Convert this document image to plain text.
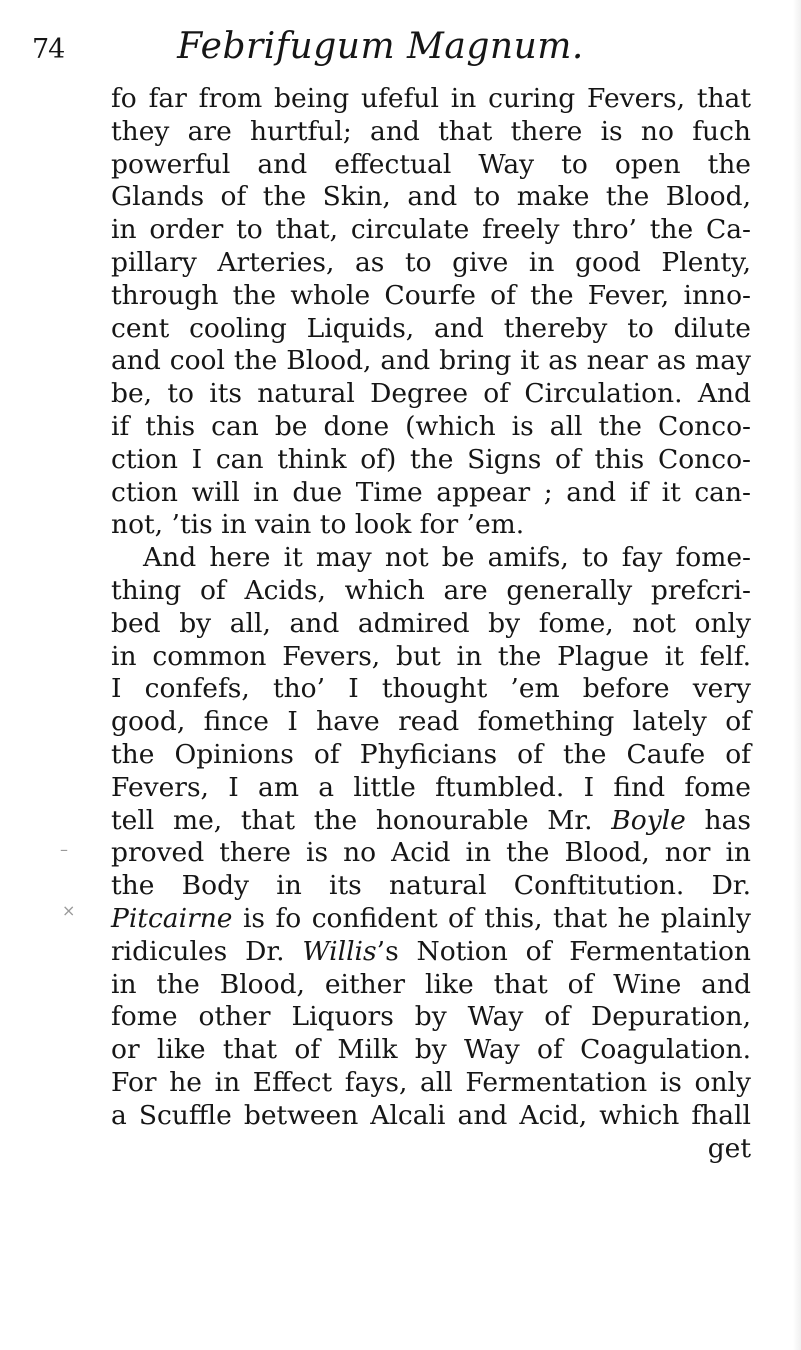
74	Febrifugum Magnum.
fo far from being ufeful in curing Fevers, that
they are hurtful; and that there is no fuch
powerful and effectual Way to open the
Glands of the Skin, and to make the Blood,
in order to that, circulate freely thro’ the Ca-
pillary Arteries, as to give in good Plenty,
through the whole Courfe of the Fever, inno-
cent cooling Liquids, and thereby to dilute
and cool the Blood, and bring it as near as may
be, to its natural Degree of Circulation. And
if this can be done (which is all the Conco-
ction I can think of) the Signs of this Conco-
ction will in due Time appear ; and if it can-
not, ’tis in vain to look for ’em.
And here it may not be amifs, to fay fome-
thing of Acids, which are generally prefcri-
bed by all, and admired by fome, not only
in common Fevers, but in the Plague it felf.
I confefs, tho’ I thought ’em before very
good, fince I have read fomething lately of
the Opinions of Phyficians of the Caufe of
Fevers, I am a little ftumbled. I find fome
tell me, that the honourable Mr. Boyle has
proved there is no Acid in the Blood, nor in
the Body in its natural Conftitution. Dr.
Pitcairne is fo confident of this, that he plainly
ridicules Dr. Willis’s Notion of Fermentation
in the Blood, either like that of Wine and
fome other Liquors by Way of Depuration,
or like that of Milk by Way of Coagulation.
For he in Effect fays, all Fermentation is only
a Scuffle between Alcali and Acid, which fhall
get
–
×
